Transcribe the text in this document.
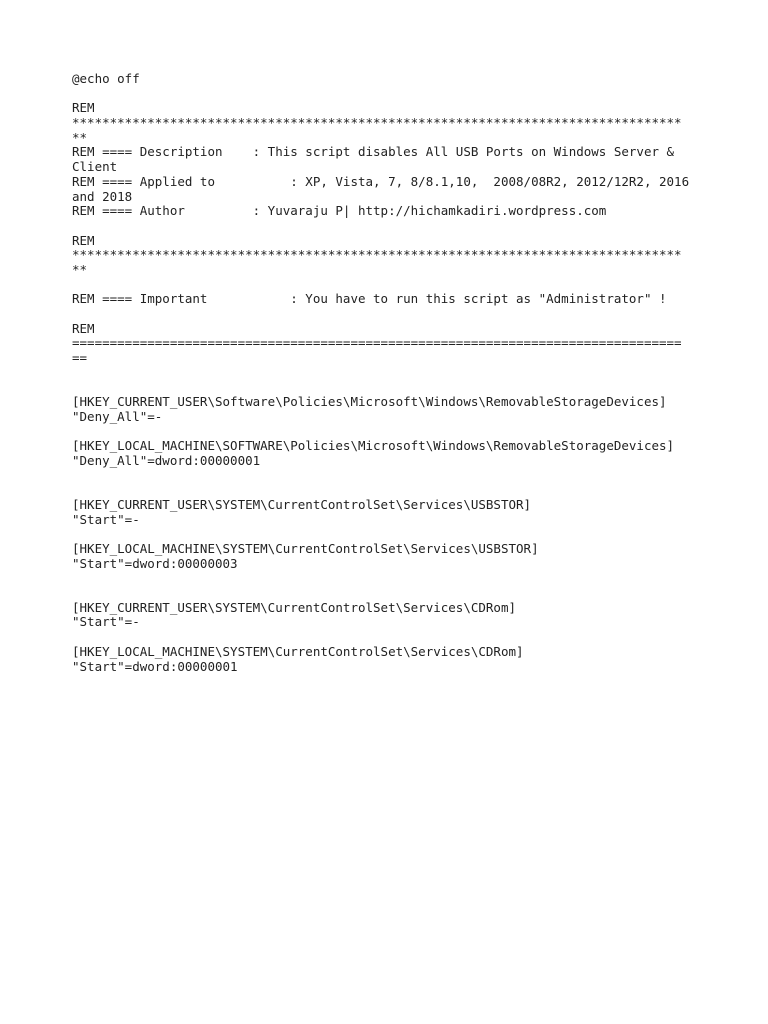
@echo off
REM
*********************************************************************************
**
REM ==== Description    : This script disables All USB Ports on Windows Server &
Client
REM ==== Applied to          : XP, Vista, 7, 8/8.1,10,  2008/08R2, 2012/12R2, 2016
and 2018
REM ==== Author         : Yuvaraju P| http://hichamkadiri.wordpress.com
REM
*********************************************************************************
**
REM ==== Important           : You have to run this script as "Administrator" !
REM
=================================================================================
==
[HKEY_CURRENT_USER\Software\Policies\Microsoft\Windows\RemovableStorageDevices]
"Deny_All"=-
[HKEY_LOCAL_MACHINE\SOFTWARE\Policies\Microsoft\Windows\RemovableStorageDevices]
"Deny_All"=dword:00000001
[HKEY_CURRENT_USER\SYSTEM\CurrentControlSet\Services\USBSTOR]
"Start"=-
[HKEY_LOCAL_MACHINE\SYSTEM\CurrentControlSet\Services\USBSTOR]
"Start"=dword:00000003
[HKEY_CURRENT_USER\SYSTEM\CurrentControlSet\Services\CDRom]
"Start"=-
[HKEY_LOCAL_MACHINE\SYSTEM\CurrentControlSet\Services\CDRom]
"Start"=dword:00000001
